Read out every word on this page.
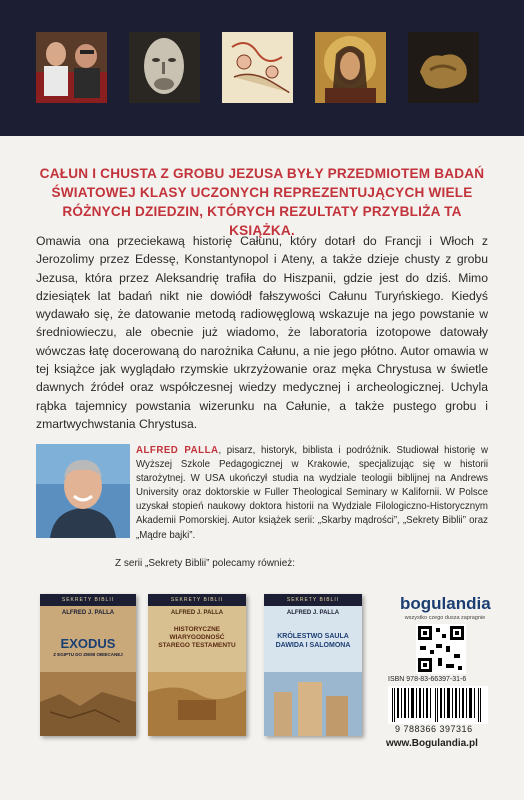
CAŁUN I CHUSTA Z GROBU JEZUSA BYŁY PRZEDMIOTEM BADAŃ ŚWIATOWEJ KLASY UCZONYCH REPREZENTUJĄCYCH WIELE RÓŻNYCH DZIEDZIN, KTÓRYCH REZULTATY PRZYBLIŻA TA KSIĄŻKA.
Omawia ona przeciekawą historię Całunu, który dotarł do Francji i Włoch z Jerozolimy przez Edessę, Konstantynopol i Ateny, a także dzieje chusty z grobu Jezusa, która przez Aleksandrię trafiła do Hiszpanii, gdzie jest do dziś. Mimo dziesiątek lat badań nikt nie dowiódł fałszywości Całunu Turyńskiego. Kiedyś wydawało się, że datowanie metodą radiowęglową wskazuje na jego powstanie w średniowieczu, ale obecnie już wiadomo, że laboratoria izotopowe datowały wówczas łatę docerowaną do narożnika Całunu, a nie jego płótno. Autor omawia w tej książce jak wyglądało rzymskie ukrzyżowanie oraz męka Chrystusa w świetle dawnych źródeł oraz współczesnej wiedzy medycznej i archeologicznej. Uchyla rąbka tajemnicy powstania wizerunku na Całunie, a także pustego grobu i zmartwychwstania Chrystusa.
ALFRED PALLA, pisarz, historyk, biblista i podróżnik. Studiował historię w Wyższej Szkole Pedagogicznej w Krakowie, specjalizując się w historii starożytnej. W USA ukończył studia na wydziale teologii biblijnej na Andrews University oraz doktorskie w Fuller Theological Seminary w Kalifornii. W Polsce uzyskał stopień naukowy doktora historii na Wydziale Filologiczno-Historycznym Akademii Pomorskiej. Autor książek serii: „Skarby mądrości”, „Sekrety Biblii” oraz „Mądre bajki”.
Z serii „Sekrety Biblii” polecamy również:
SEKRETY BIBLII
ALFRED J. PALLA
EXODUS
Z EGIPTU DO ZIEMI OBIECANEJ
SEKRETY BIBLII
ALFRED J. PALLA
HISTORYCZNE WIARYGODNOŚĆ STAREGO TESTAMENTU
SEKRETY BIBLII
ALFRED J. PALLA
KRÓLESTWO SAULA DAWIDA I SALOMONA
bogulandia
wszystko czego dusza zapragnie
ISBN 978-83-66397-31-6
9 788366 397316
www.Bogulandia.pl
